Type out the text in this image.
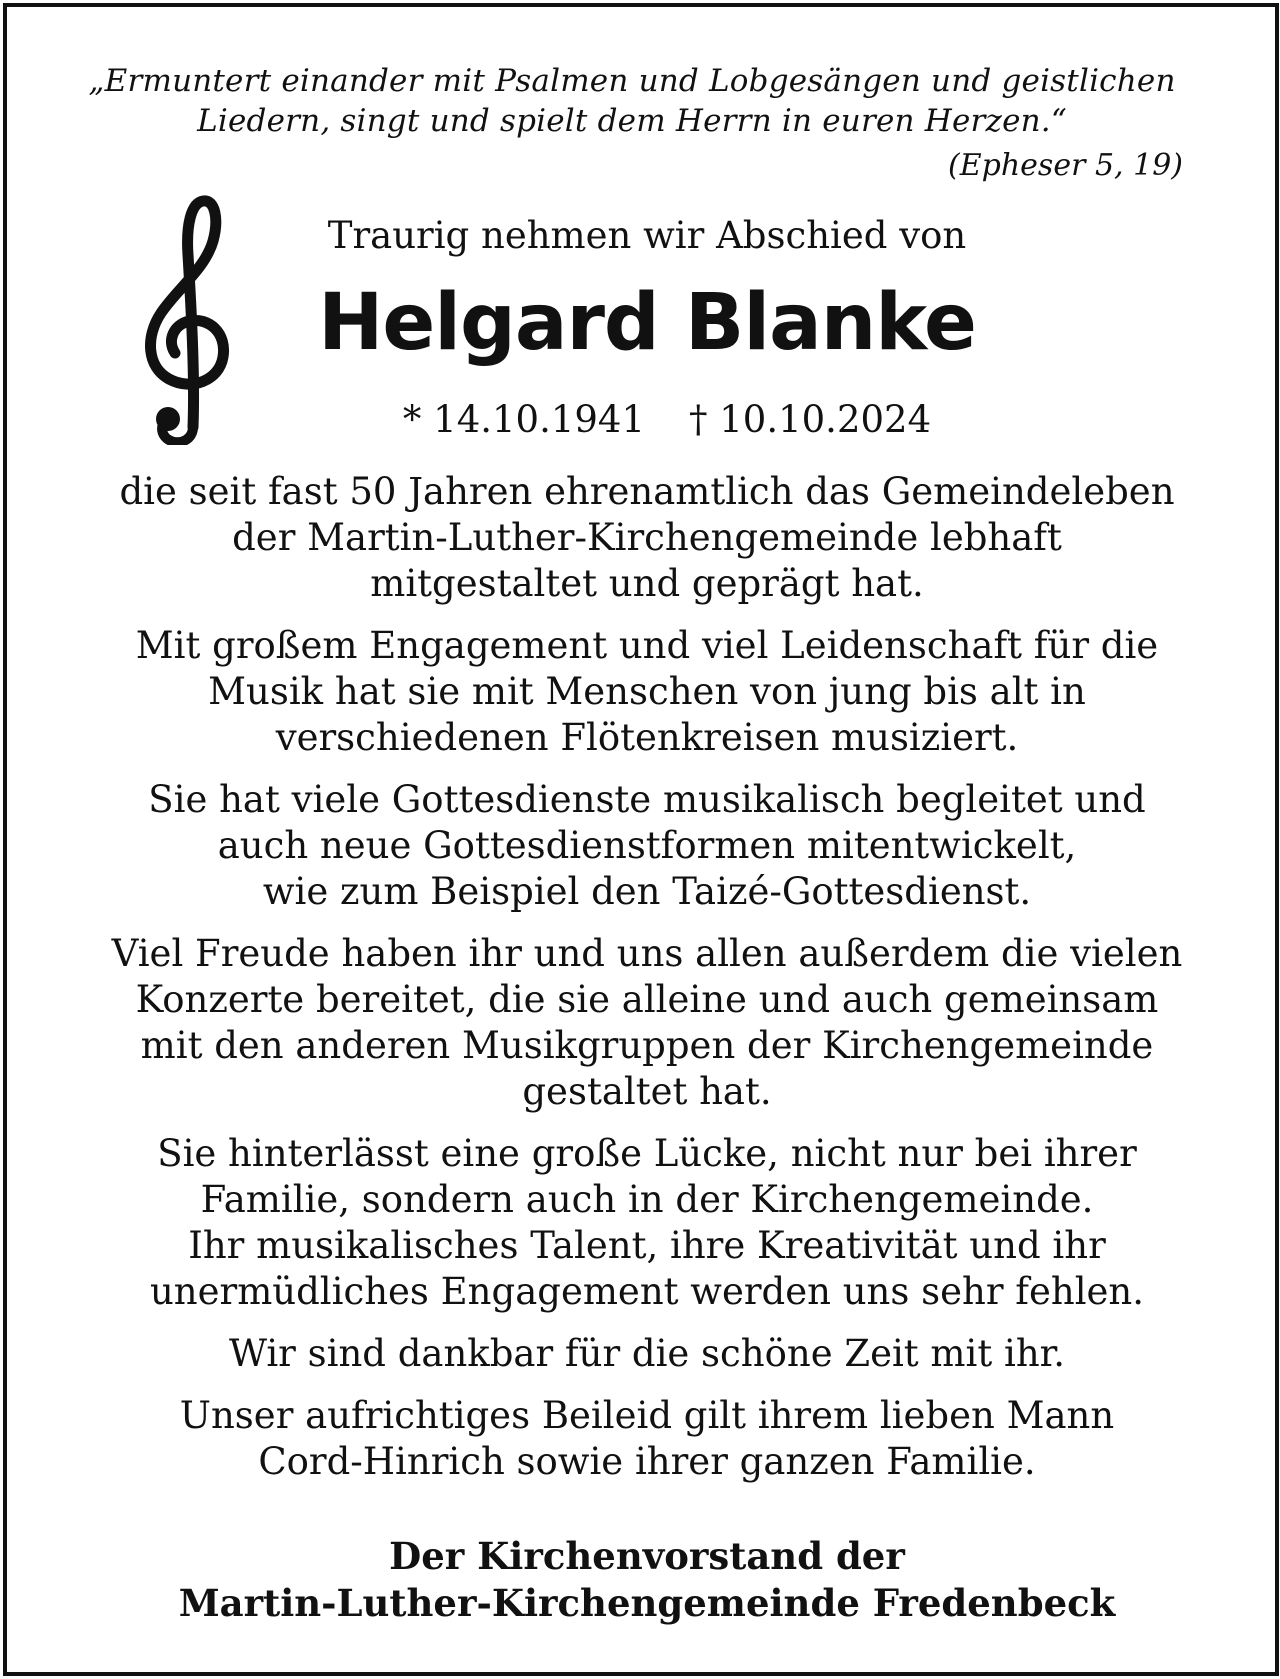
„Ermuntert einander mit Psalmen und Lobgesängen und geistlichen
Liedern, singt und spielt dem Herrn in euren Herzen.“
(Epheser 5, 19)
Traurig nehmen wir Abschied von
Helgard Blanke
* 14.10.1941 † 10.10.2024

die seit fast 50 Jahren ehrenamtlich das Gemeindeleben
der Martin-Luther-Kirchengemeinde lebhaft
mitgestaltet und geprägt hat.

Mit großem Engagement und viel Leidenschaft für die
Musik hat sie mit Menschen von jung bis alt in
verschiedenen Flötenkreisen musiziert.

Sie hat viele Gottesdienste musikalisch begleitet und
auch neue Gottesdienstformen mitentwickelt,
wie zum Beispiel den Taizé-Gottesdienst.

Viel Freude haben ihr und uns allen außerdem die vielen
Konzerte bereitet, die sie alleine und auch gemeinsam
mit den anderen Musikgruppen der Kirchengemeinde
gestaltet hat.

Sie hinterlässt eine große Lücke, nicht nur bei ihrer
Familie, sondern auch in der Kirchengemeinde.
Ihr musikalisches Talent, ihre Kreativität und ihr
unermüdliches Engagement werden uns sehr fehlen.

Wir sind dankbar für die schöne Zeit mit ihr.

Unser aufrichtiges Beileid gilt ihrem lieben Mann
Cord-Hinrich sowie ihrer ganzen Familie.

Der Kirchenvorstand der
Martin-Luther-Kirchengemeinde Fredenbeck
